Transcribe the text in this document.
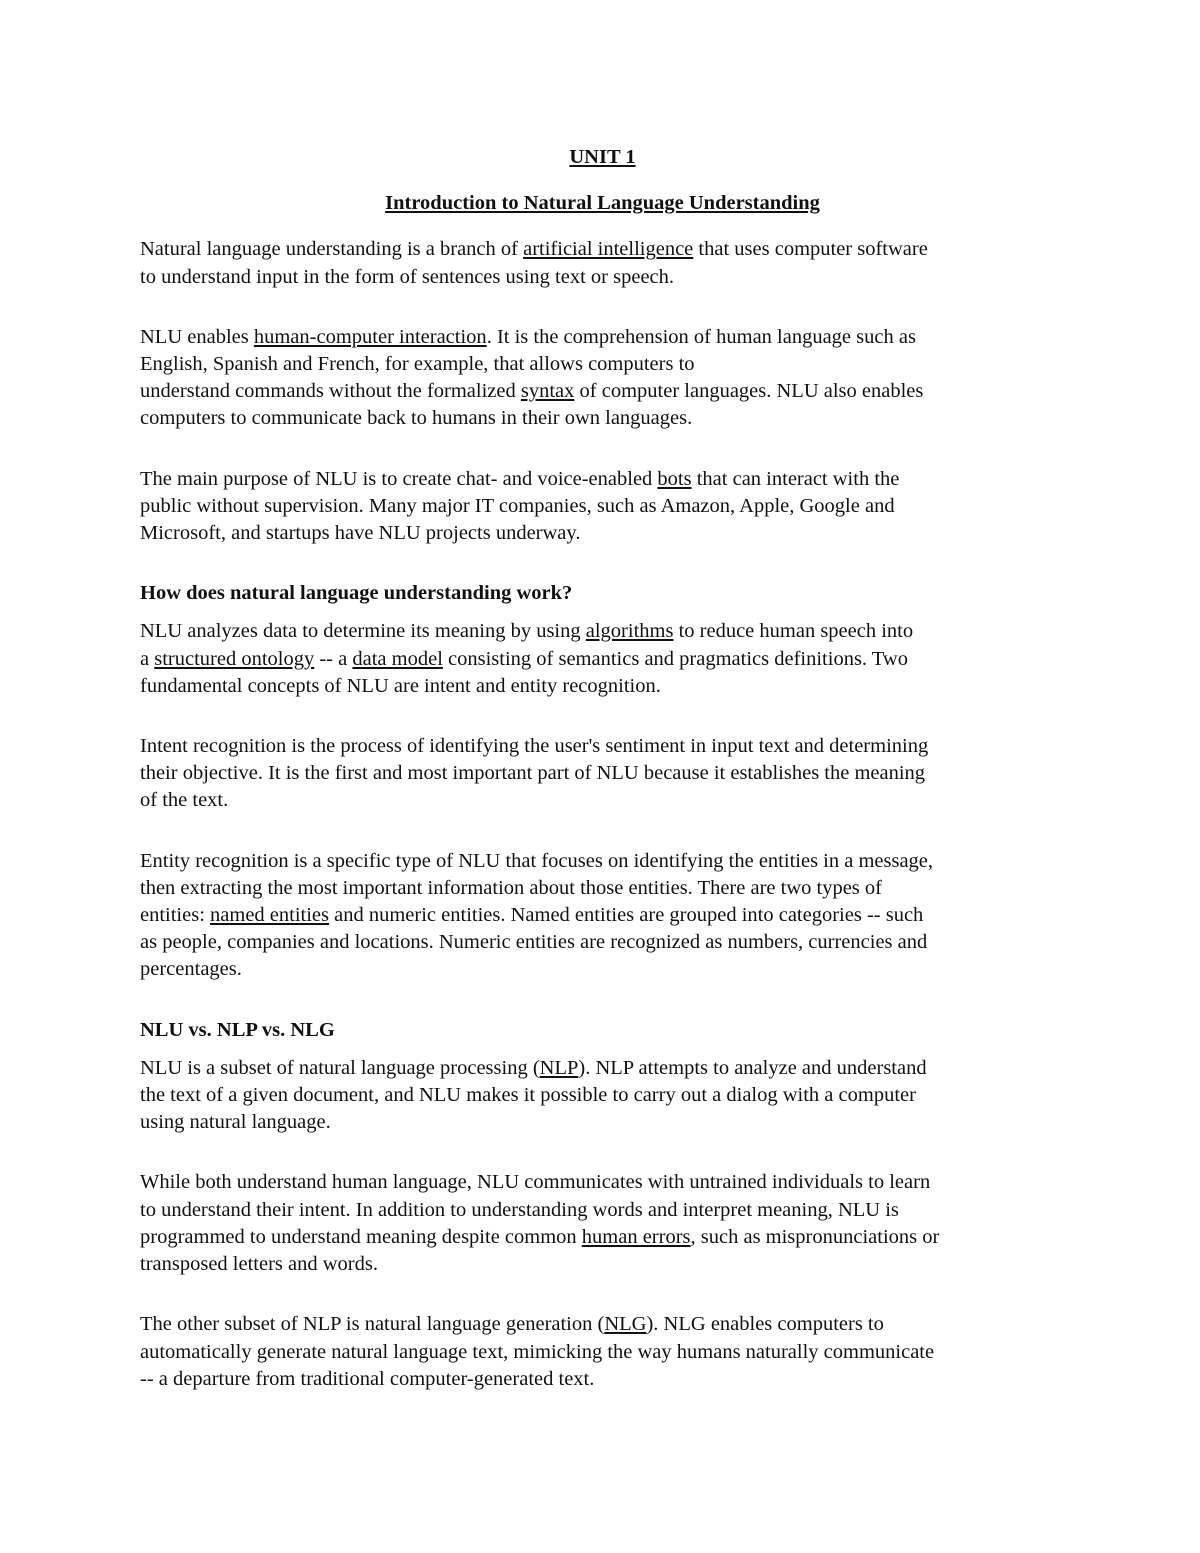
UNIT 1

Introduction to Natural Language Understanding

Natural language understanding is a branch of artificial intelligence that uses computer software
to understand input in the form of sentences using text or speech.

NLU enables human-computer interaction. It is the comprehension of human language such as
English, Spanish and French, for example, that allows computers to
understand commands without the formalized syntax of computer languages. NLU also enables
computers to communicate back to humans in their own languages.

The main purpose of NLU is to create chat- and voice-enabled bots that can interact with the
public without supervision. Many major IT companies, such as Amazon, Apple, Google and
Microsoft, and startups have NLU projects underway.

How does natural language understanding work?

NLU analyzes data to determine its meaning by using algorithms to reduce human speech into
a structured ontology -- a data model consisting of semantics and pragmatics definitions. Two
fundamental concepts of NLU are intent and entity recognition.

Intent recognition is the process of identifying the user's sentiment in input text and determining
their objective. It is the first and most important part of NLU because it establishes the meaning
of the text.

Entity recognition is a specific type of NLU that focuses on identifying the entities in a message,
then extracting the most important information about those entities. There are two types of
entities: named entities and numeric entities. Named entities are grouped into categories -- such
as people, companies and locations. Numeric entities are recognized as numbers, currencies and
percentages.

NLU vs. NLP vs. NLG

NLU is a subset of natural language processing (NLP). NLP attempts to analyze and understand
the text of a given document, and NLU makes it possible to carry out a dialog with a computer
using natural language.

While both understand human language, NLU communicates with untrained individuals to learn
to understand their intent. In addition to understanding words and interpret meaning, NLU is
programmed to understand meaning despite common human errors, such as mispronunciations or
transposed letters and words.

The other subset of NLP is natural language generation (NLG). NLG enables computers to
automatically generate natural language text, mimicking the way humans naturally communicate
-- a departure from traditional computer-generated text.
